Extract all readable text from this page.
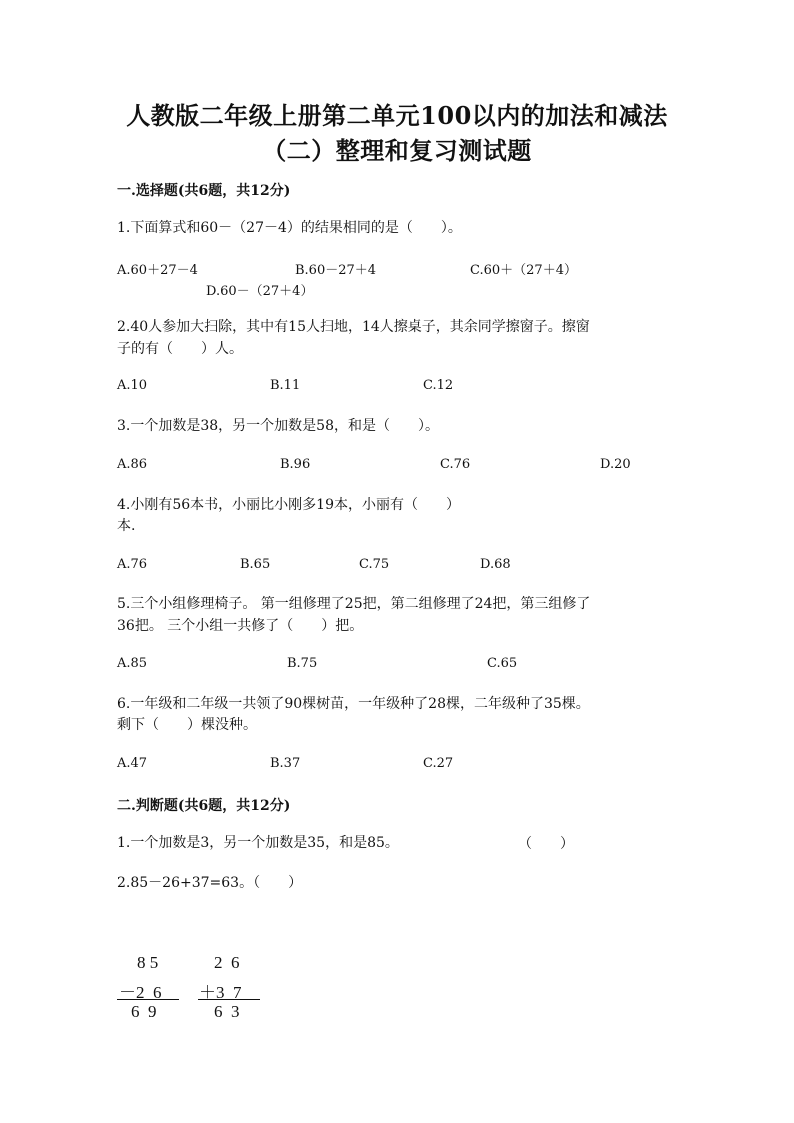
人教版二年级上册第二单元100以内的加法和减法
（二）整理和复习测试题
一.选择题(共6题，共12分)
1.下面算式和60－（27－4）的结果相同的是（　　）。
A.60＋27－4	B.60－27＋4	C.60＋（27＋4）
D.60－（27＋4）
2.40人参加大扫除，其中有15人扫地，14人擦桌子，其余同学擦窗子。擦窗
子的有（　　）人。
A.10	B.11	C.12
3.一个加数是38，另一个加数是58，和是（　　）。
A.86	B.96	C.76	D.20
4.小刚有56本书，小丽比小刚多19本，小丽有（　　）
本.
A.76	B.65	C.75	D.68
5.三个小组修理椅子。 第一组修理了25把，第二组修理了24把，第三组修了
36把。 三个小组一共修了（　　）把。
A.85	B.75	C.65
6.一年级和二年级一共领了90棵树苗，一年级种了28棵，二年级种了35棵。
剩下（　　）棵没种。
A.47	B.37	C.27
二.判断题(共6题，共12分)
1.一个加数是3，另一个加数是35，和是85。	（　　）
2.85－26+37=63。（　　）
8 5
－2  6
6  9
2  6
＋3  7
6  3
